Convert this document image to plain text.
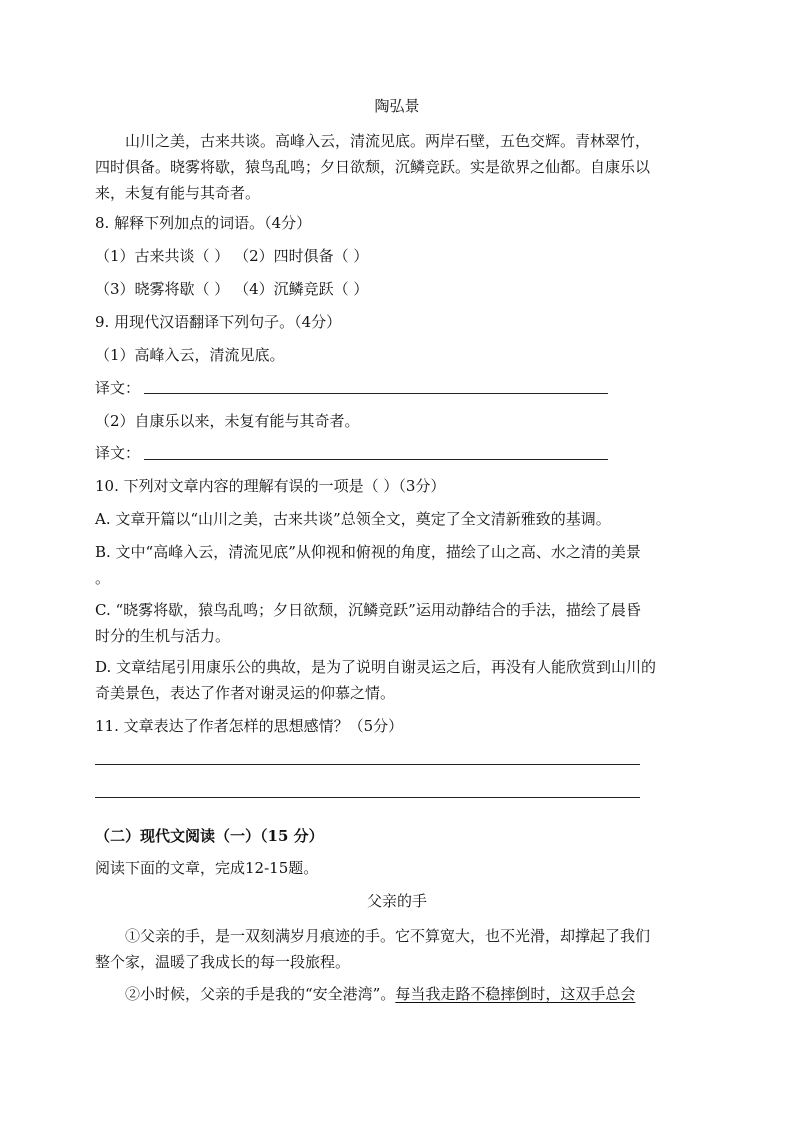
陶弘景
山川之美，古来共谈。高峰入云，清流见底。两岸石壁，五色交辉。青林翠竹，
四时俱备。晓雾将歇，猿鸟乱鸣；夕日欲颓，沉鳞竞跃。实是欲界之仙都。自康乐以
来，未复有能与其奇者。
8. 解释下列加点的词语。（4分）
（1）古来共谈（ ） （2）四时俱备（ ）
（3）晓雾将歇（ ） （4）沉鳞竞跃（ ）
9. 用现代汉语翻译下列句子。（4分）
（1）高峰入云，清流见底。
译文：
（2）自康乐以来，未复有能与其奇者。
译文：
10. 下列对文章内容的理解有误的一项是（ ）（3分）
A. 文章开篇以“山川之美，古来共谈”总领全文，奠定了全文清新雅致的基调。
B. 文中“高峰入云，清流见底”从仰视和俯视的角度，描绘了山之高、水之清的美景
。
C. “晓雾将歇，猿鸟乱鸣；夕日欲颓，沉鳞竞跃”运用动静结合的手法，描绘了晨昏
时分的生机与活力。
D. 文章结尾引用康乐公的典故，是为了说明自谢灵运之后，再没有人能欣赏到山川的
奇美景色，表达了作者对谢灵运的仰慕之情。
11. 文章表达了作者怎样的思想感情？（5分）
（二）现代文阅读（一）（15 分）
阅读下面的文章，完成12-15题。
父亲的手
①父亲的手，是一双刻满岁月痕迹的手。它不算宽大，也不光滑，却撑起了我们
整个家，温暖了我成长的每一段旅程。
②小时候，父亲的手是我的“安全港湾”。每当我走路不稳摔倒时，这双手总会
